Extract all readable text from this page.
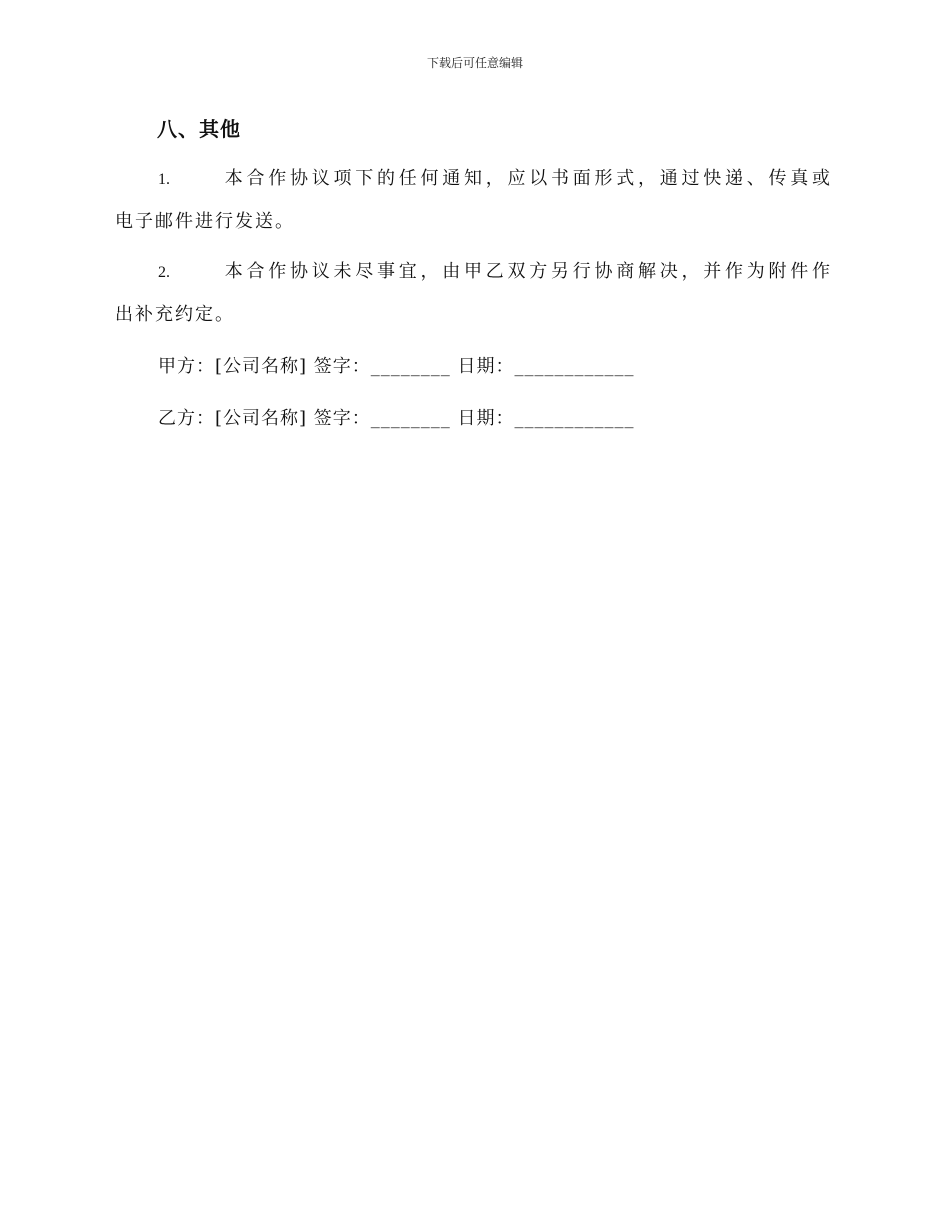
下载后可任意编辑
八、其他
1.	本合作协议项下的任何通知，应以书面形式，通过快递、传真或
电子邮件进行发送。
2.	本合作协议未尽事宜，由甲乙双方另行协商解决，并作为附件作
出补充约定。
甲方：[公司名称] 签字：________ 日期：____________
乙方：[公司名称] 签字：________ 日期：____________
